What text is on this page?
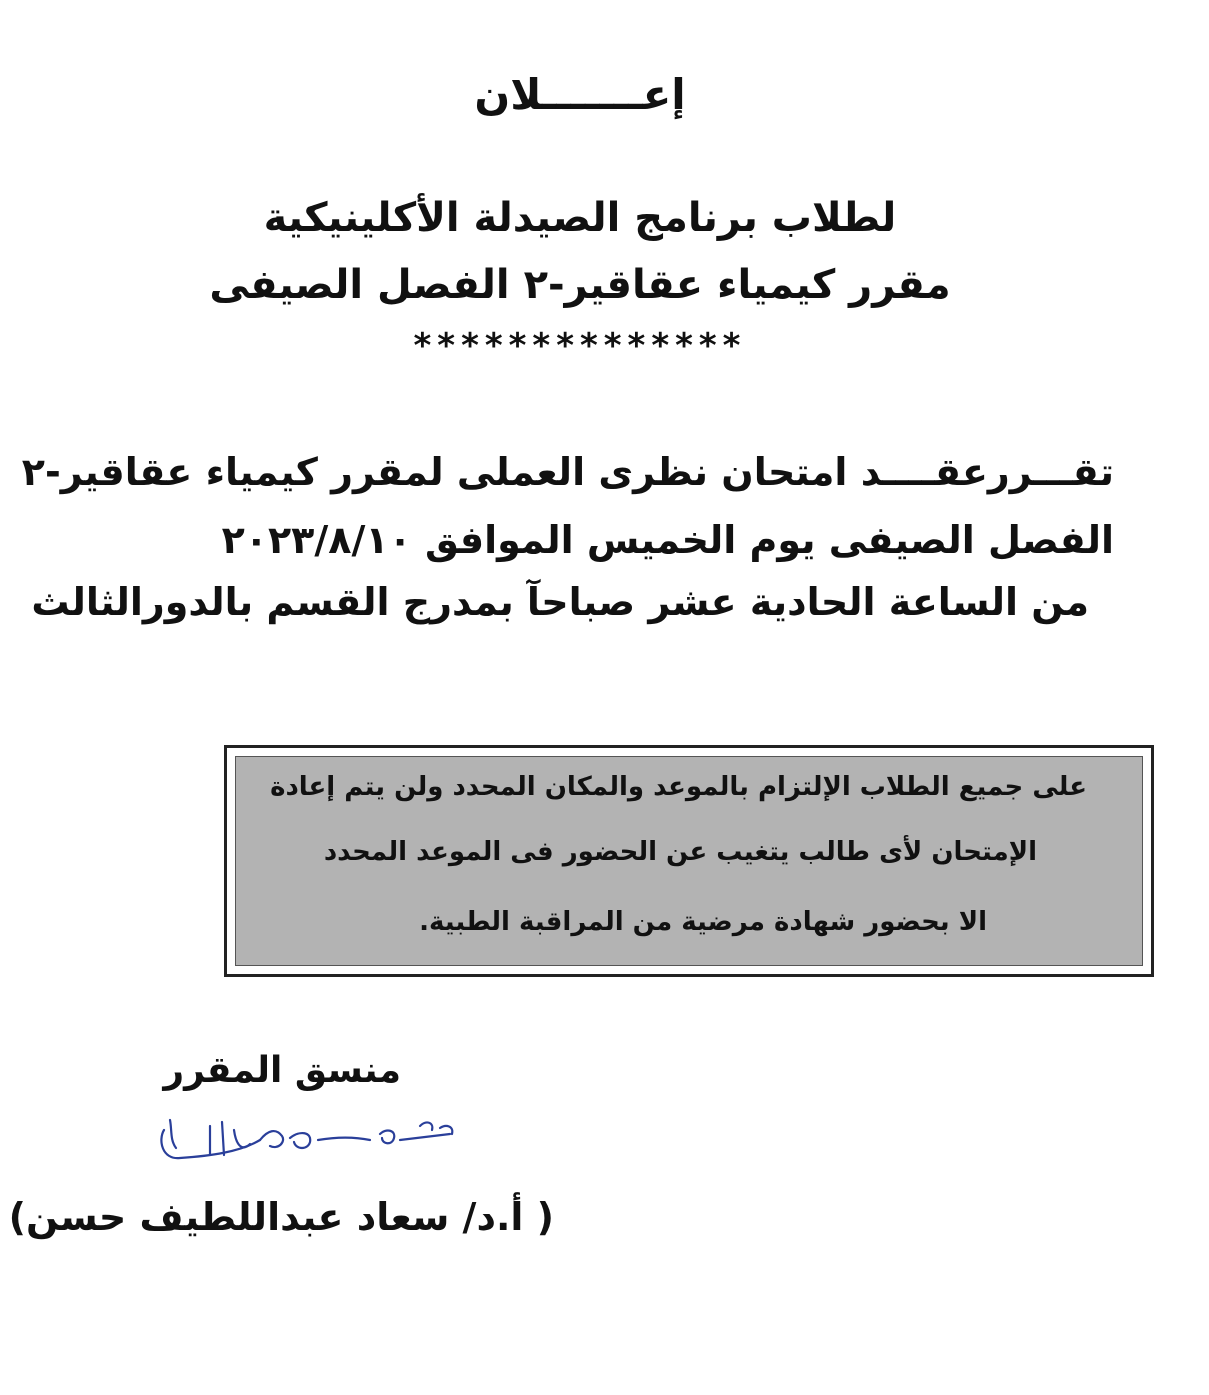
إعـــــــلان
لطلاب برنامج الصيدلة الأكلينيكية
مقرر كيمياء عقاقير-٢ الفصل الصيفى
**************
تقـــررعقــــد امتحان نظرى العملى لمقرر كيمياء عقاقير-٢
الفصل الصيفى يوم الخميس الموافق ٢٠٢٣/٨/١٠
من الساعة الحادية عشر صباحآ بمدرج القسم بالدورالثالث
على جميع الطلاب الإلتزام بالموعد والمكان المحدد ولن يتم إعادة
الإمتحان لأى طالب يتغيب عن الحضور فى الموعد المحدد
الا بحضور شهادة مرضية من المراقبة الطبية.
منسق المقرر
( أ.د/ سعاد عبداللطيف حسن)
